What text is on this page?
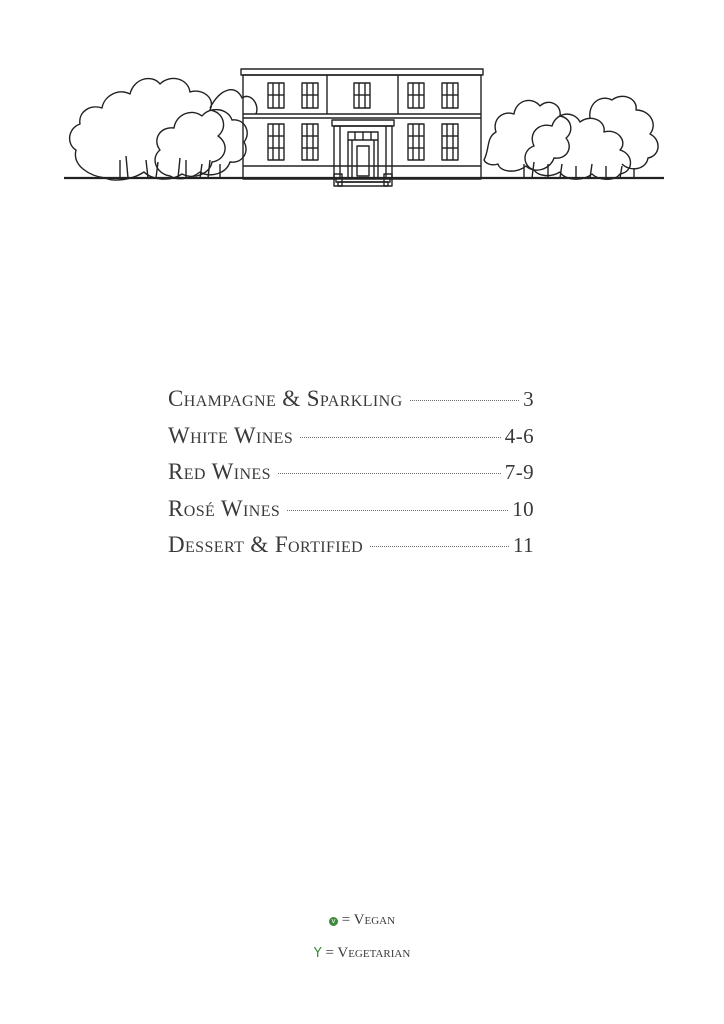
Champagne & Sparkling	3
White Wines	4-6
Red Wines	7-9
Rosé Wines	10
Dessert & Fortified	11
v = Vegan
Y = Vegetarian
